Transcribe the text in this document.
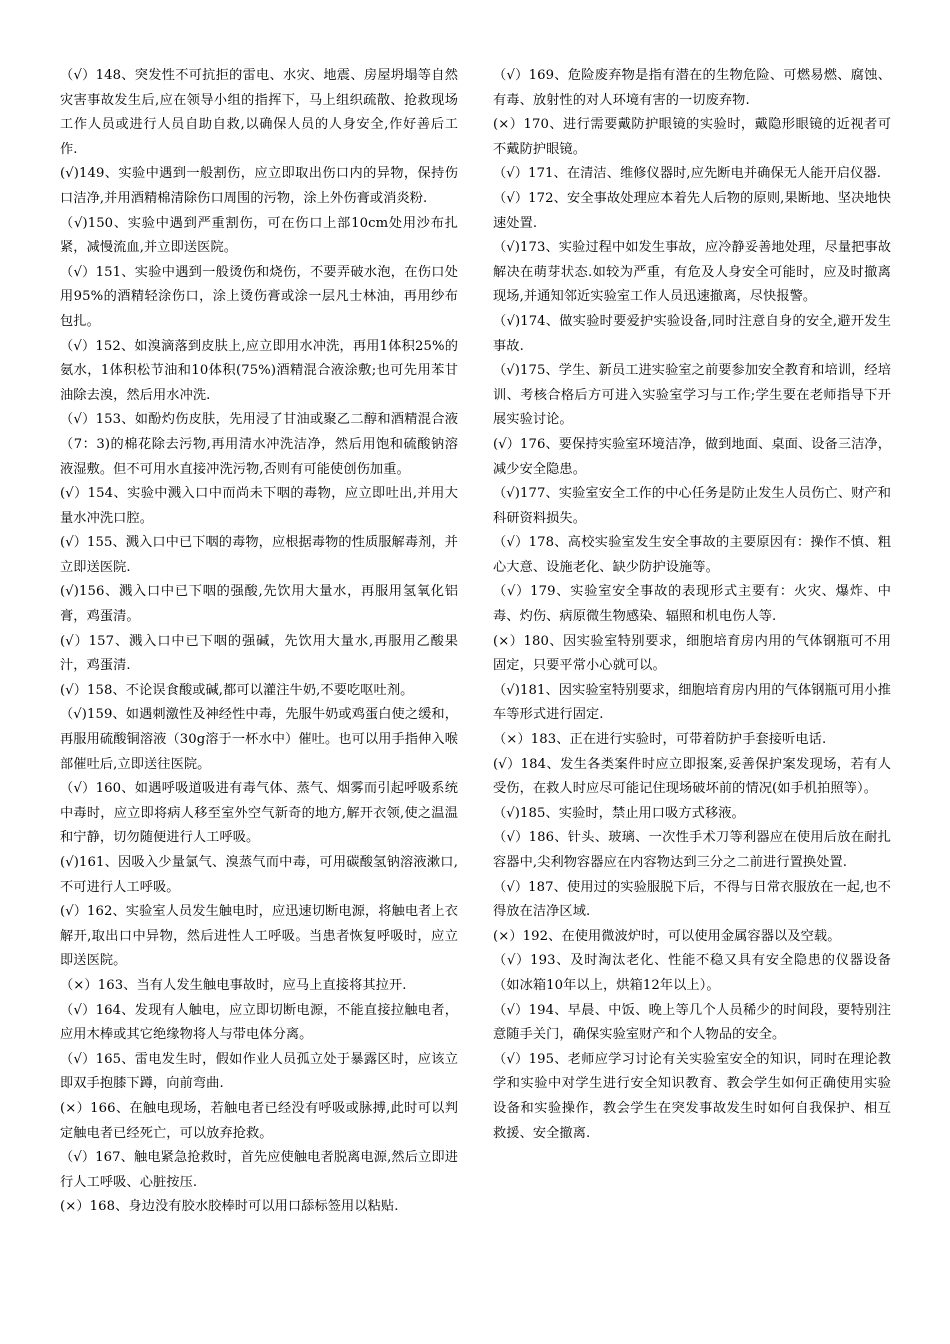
（√）148、突发性不可抗拒的雷电、水灾、地震、房屋坍塌等自然灾害事故发生后,应在领导小组的指挥下，马上组织疏散、抢救现场工作人员或进行人员自助自救,以确保人员的人身安全,作好善后工作.

(√)149、实验中遇到一般割伤，应立即取出伤口内的异物，保持伤口洁净,并用酒精棉清除伤口周围的污物，涂上外伤膏或消炎粉.

（√)150、实验中遇到严重割伤，可在伤口上部10cm处用沙布扎紧，减慢流血,并立即送医院。

（√）151、实验中遇到一般烫伤和烧伤，不要弄破水泡，在伤口处用95%的酒精轻涂伤口，涂上烫伤膏或涂一层凡士林油，再用纱布包扎。

（√）152、如溴滴落到皮肤上,应立即用水冲洗，再用1体积25%的氨水，1体积松节油和10体积(75%)酒精混合液涂敷;也可先用苯甘油除去溴，然后用水冲洗.

（√）153、如酚灼伤皮肤，先用浸了甘油或聚乙二醇和酒精混合液（7：3)的棉花除去污物,再用清水冲洗洁净，然后用饱和硫酸钠溶液湿敷。但不可用水直接冲洗污物,否则有可能使创伤加重。

(√）154、实验中溅入口中而尚未下咽的毒物，应立即吐出,并用大量水冲洗口腔。

(√）155、溅入口中已下咽的毒物，应根据毒物的性质服解毒剂，并立即送医院.

(√)156、溅入口中已下咽的强酸,先饮用大量水，再服用氢氧化铝膏，鸡蛋清。

(√）157、溅入口中已下咽的强碱，先饮用大量水,再服用乙酸果汁，鸡蛋清.

(√）158、不论误食酸或碱,都可以灌注牛奶,不要吃呕吐剂。

（√)159、如遇刺激性及神经性中毒，先服牛奶或鸡蛋白使之缓和，再服用硫酸铜溶液（30g溶于一杯水中）催吐。也可以用手指伸入喉部催吐后,立即送往医院。

（√）160、如遇呼吸道吸进有毒气体、蒸气、烟雾而引起呼吸系统中毒时，应立即将病人移至室外空气新奇的地方,解开衣领,使之温温和宁静，切勿随便进行人工呼吸。

(√)161、因吸入少量氯气、溴蒸气而中毒，可用碳酸氢钠溶液漱口,不可进行人工呼吸。

(√）162、实验室人员发生触电时，应迅速切断电源，将触电者上衣解开,取出口中异物，然后进性人工呼吸。当患者恢复呼吸时，应立即送医院。

（×）163、当有人发生触电事故时，应马上直接将其拉开.

（√）164、发现有人触电，应立即切断电源，不能直接拉触电者，应用木棒或其它绝缘物将人与带电体分离。

（√）165、雷电发生时，假如作业人员孤立处于暴露区时，应该立即双手抱膝下蹲，向前弯曲.

(×）166、在触电现场，若触电者已经没有呼吸或脉搏,此时可以判定触电者已经死亡，可以放弃抢救。

（√）167、触电紧急抢救时，首先应使触电者脱离电源,然后立即进行人工呼吸、心脏按压.

(×）168、身边没有胶水胶棒时可以用口舔标签用以粘贴.

（√）169、危险废弃物是指有潜在的生物危险、可燃易燃、腐蚀、有毒、放射性的对人环境有害的一切废弃物.

(×）170、进行需要戴防护眼镜的实验时，戴隐形眼镜的近视者可不戴防护眼镜。

（√）171、在清洁、维修仪器时,应先断电并确保无人能开启仪器.

（√）172、安全事故处理应本着先人后物的原则,果断地、坚决地快速处置.

（√)173、实验过程中如发生事故，应冷静妥善地处理，尽量把事故解决在萌芽状态.如较为严重，有危及人身安全可能时，应及时撤离现场,并通知邻近实验室工作人员迅速撤离，尽快报警。

（√)174、做实验时要爱护实验设备,同时注意自身的安全,避开发生事故.

（√)175、学生、新员工进实验室之前要参加安全教育和培训，经培训、考核合格后方可进入实验室学习与工作;学生要在老师指导下开展实验讨论。

(√）176、要保持实验室环境洁净，做到地面、桌面、设备三洁净，减少安全隐患。

（√)177、实验室安全工作的中心任务是防止发生人员伤亡、财产和科研资料损失。

（√）178、高校实验室发生安全事故的主要原因有：操作不慎、粗心大意、设施老化、缺少防护设施等。

（√）179、实验室安全事故的表现形式主要有：火灾、爆炸、中毒、灼伤、病原微生物感染、辐照和机电伤人等.

(×）180、因实验室特别要求，细胞培育房内用的气体钢瓶可不用固定，只要平常小心就可以。

（√)181、因实验室特别要求，细胞培育房内用的气体钢瓶可用小推车等形式进行固定.

（×）183、正在进行实验时，可带着防护手套接听电话.

(√）184、发生各类案件时应立即报案,妥善保护案发现场，若有人受伤，在救人时应尽可能记住现场破坏前的情况(如手机拍照等）。

（√)185、实验时，禁止用口吸方式移液。

（√）186、针头、玻璃、一次性手术刀等利器应在使用后放在耐扎容器中,尖利物容器应在内容物达到三分之二前进行置换处置.

（√）187、使用过的实验服脱下后，不得与日常衣服放在一起,也不得放在洁净区域.

(×）192、在使用微波炉时，可以使用金属容器以及空载。

（√）193、及时淘汰老化、性能不稳又具有安全隐患的仪器设备（如冰箱10年以上，烘箱12年以上）。

（√）194、早晨、中饭、晚上等几个人员稀少的时间段，要特别注意随手关门，确保实验室财产和个人物品的安全。

（√）195、老师应学习讨论有关实验室安全的知识，同时在理论教学和实验中对学生进行安全知识教育、教会学生如何正确使用实验设备和实验操作，教会学生在突发事故发生时如何自我保护、相互救援、安全撤离.
